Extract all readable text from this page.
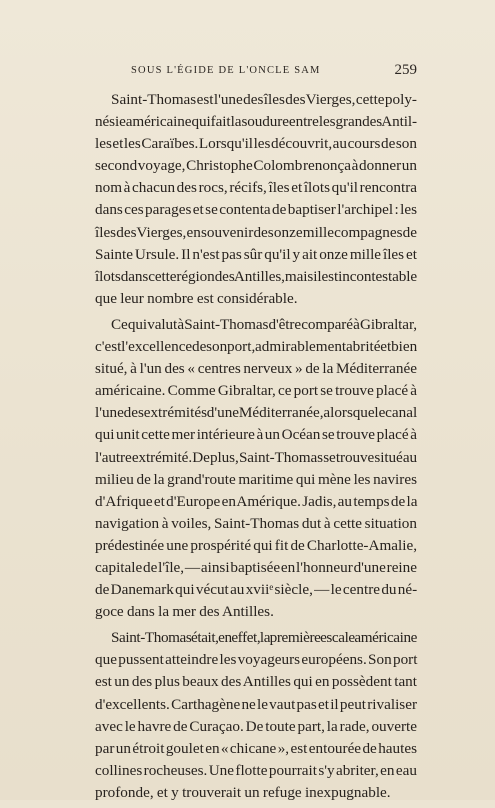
SOUS L'ÉGIDE DE L'ONCLE SAM	259

Saint-Thomas est l'une des îles des Vierges, cette poly-
nésie américaine qui fait la soudure entre les grandes Antil-
les et les Caraïbes. Lorsqu'il les découvrit, au cours de son
second voyage, Christophe Colomb renonça à donner un
nom à chacun des rocs, récifs, îles et îlots qu'il rencontra
dans ces parages et se contenta de baptiser l'archipel : les
îles des Vierges, en souvenir des onze mille compagnes de
Sainte Ursule. Il n'est pas sûr qu'il y ait onze mille îles et
îlots dans cette région des Antilles, mais il est incontestable
que leur nombre est considérable.

Ce qui valut à Saint-Thomas d'être comparé à Gibraltar,
c'est l'excellence de son port, admirablement abrité et bien
situé, à l'un des « centres nerveux » de la Méditerranée
américaine. Comme Gibraltar, ce port se trouve placé à
l'une des extrémités d'une Méditerranée, alors que le canal
qui unit cette mer intérieure à un Océan se trouve placé à
l'autre extrémité. De plus, Saint-Thomas se trouve situé au
milieu de la grand'route maritime qui mène les navires
d'Afrique et d'Europe en Amérique. Jadis, au temps de la
navigation à voiles, Saint-Thomas dut à cette situation
prédestinée une prospérité qui fit de Charlotte-Amalie,
capitale de l'île, — ainsi baptisée en l'honneur d'une reine
de Danemark qui vécut au xviiᵉ siècle, — le centre du né-
goce dans la mer des Antilles.

Saint-Thomas était, en effet, la première escale américaine
que pussent atteindre les voyageurs européens. Son port
est un des plus beaux des Antilles qui en possèdent tant
d'excellents. Carthagène ne le vaut pas et il peut rivaliser
avec le havre de Curaçao. De toute part, la rade, ouverte
par un étroit goulet en « chicane », est entourée de hautes
collines rocheuses. Une flotte pourrait s'y abriter, en eau
profonde, et y trouverait un refuge inexpugnable.
